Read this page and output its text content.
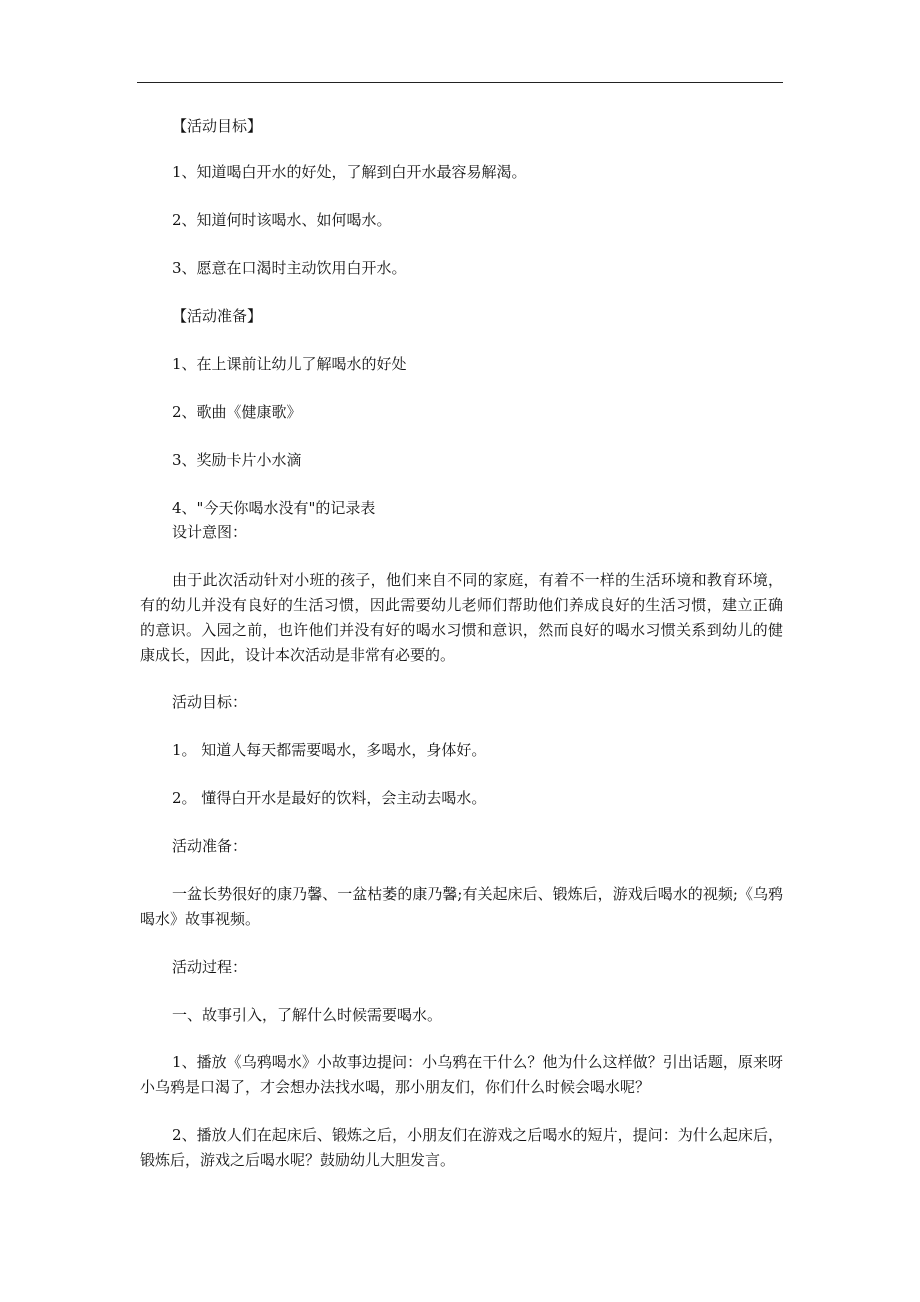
【活动目标】
1、知道喝白开水的好处，了解到白开水最容易解渴。
2、知道何时该喝水、如何喝水。
3、愿意在口渴时主动饮用白开水。
【活动准备】
1、在上课前让幼儿了解喝水的好处
2、歌曲《健康歌》
3、奖励卡片小水滴
4、"今天你喝水没有"的记录表
设计意图：
由于此次活动针对小班的孩子，他们来自不同的家庭，有着不一样的生活环境和教育环境，有的幼儿并没有良好的生活习惯，因此需要幼儿老师们帮助他们养成良好的生活习惯，建立正确的意识。入园之前，也许他们并没有好的喝水习惯和意识，然而良好的喝水习惯关系到幼儿的健康成长，因此，设计本次活动是非常有必要的。
活动目标：
1。 知道人每天都需要喝水，多喝水，身体好。
2。 懂得白开水是最好的饮料，会主动去喝水。
活动准备：
一盆长势很好的康乃馨、一盆枯萎的康乃馨;有关起床后、锻炼后，游戏后喝水的视频;《乌鸦喝水》故事视频。
活动过程：
一、故事引入，了解什么时候需要喝水。
1、播放《乌鸦喝水》小故事边提问：小乌鸦在干什么？他为什么这样做？引出话题，原来呀小乌鸦是口渴了，才会想办法找水喝，那小朋友们，你们什么时候会喝水呢？
2、播放人们在起床后、锻炼之后，小朋友们在游戏之后喝水的短片，提问：为什么起床后，锻炼后，游戏之后喝水呢？鼓励幼儿大胆发言。
